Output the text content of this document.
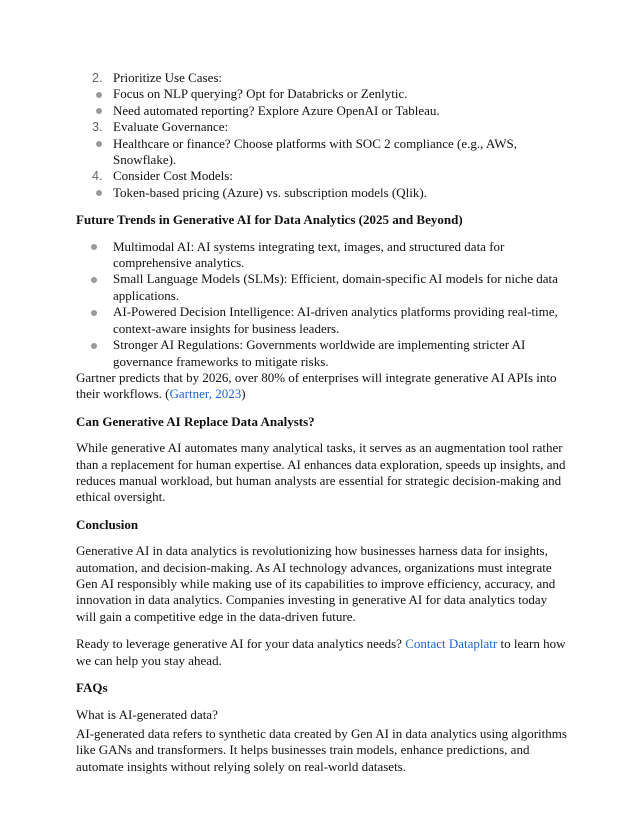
2. Prioritize Use Cases:
Focus on NLP querying? Opt for Databricks or Zenlytic.
Need automated reporting? Explore Azure OpenAI or Tableau.
3. Evaluate Governance:
Healthcare or finance? Choose platforms with SOC 2 compliance (e.g., AWS, Snowflake).
4. Consider Cost Models:
Token-based pricing (Azure) vs. subscription models (Qlik).
Future Trends in Generative AI for Data Analytics (2025 and Beyond)
Multimodal AI: AI systems integrating text, images, and structured data for comprehensive analytics.
Small Language Models (SLMs): Efficient, domain-specific AI models for niche data applications.
AI-Powered Decision Intelligence: AI-driven analytics platforms providing real-time, context-aware insights for business leaders.
Stronger AI Regulations: Governments worldwide are implementing stricter AI governance frameworks to mitigate risks.

Gartner predicts that by 2026, over 80% of enterprises will integrate generative AI APIs into their workflows. (Gartner, 2023)

Can Generative AI Replace Data Analysts?

While generative AI automates many analytical tasks, it serves as an augmentation tool rather than a replacement for human expertise. AI enhances data exploration, speeds up insights, and reduces manual workload, but human analysts are essential for strategic decision-making and ethical oversight.

Conclusion

Generative AI in data analytics is revolutionizing how businesses harness data for insights, automation, and decision-making. As AI technology advances, organizations must integrate Gen AI responsibly while making use of its capabilities to improve efficiency, accuracy, and innovation in data analytics. Companies investing in generative AI for data analytics today will gain a competitive edge in the data-driven future.

Ready to leverage generative AI for your data analytics needs? Contact Dataplatr to learn how we can help you stay ahead.

FAQs

What is AI-generated data?

AI-generated data refers to synthetic data created by Gen AI in data analytics using algorithms like GANs and transformers. It helps businesses train models, enhance predictions, and automate insights without relying solely on real-world datasets.
